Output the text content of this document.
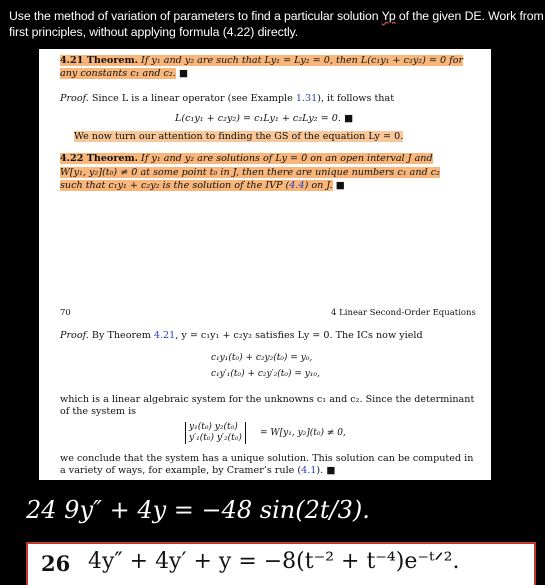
Use the method of variation of parameters to find a particular solution Yp of the given DE. Work from
first principles, without applying formula (4.22) directly.
4.21 Theorem. If y₁ and y₂ are such that Ly₁ = Ly₂ = 0, then L(c₁y₁ + c₂y₂) = 0 for
any constants c₁ and c₂. ■
Proof. Since L is a linear operator (see Example 1.31), it follows that
L(c₁y₁ + c₂y₂) = c₁Ly₁ + c₂Ly₂ = 0. ■
We now turn our attention to finding the GS of the equation Ly = 0.
4.22 Theorem. If y₁ and y₂ are solutions of Ly = 0 on an open interval J and
W[y₁, y₂](t₀) ≠ 0 at some point t₀ in J, then there are unique numbers c₁ and c₂
such that c₁y₁ + c₂y₂ is the solution of the IVP (4.4) on J. ■
70	4 Linear Second-Order Equations
Proof. By Theorem 4.21, y = c₁y₁ + c₂y₂ satisfies Ly = 0. The ICs now yield
c₁y₁(t₀) + c₂y₂(t₀) = y₀,
c₁y′₁(t₀) + c₂y′₂(t₀) = y₁₀,
which is a linear algebraic system for the unknowns c₁ and c₂. Since the determinant
of the system is
y₁(t₀) y₂(t₀)
y′₁(t₀) y′₂(t₀) = W[y₁, y₂](t₀) ≠ 0,
we conclude that the system has a unique solution. This solution can be computed in
a variety of ways, for example, by Cramer’s rule (4.1). ■
24 9y″ + 4y = −48 sin(2t/3).
26 4y″ + 4y′ + y = −8(t⁻² + t⁻⁴)e⁻ᵗᐟ².
